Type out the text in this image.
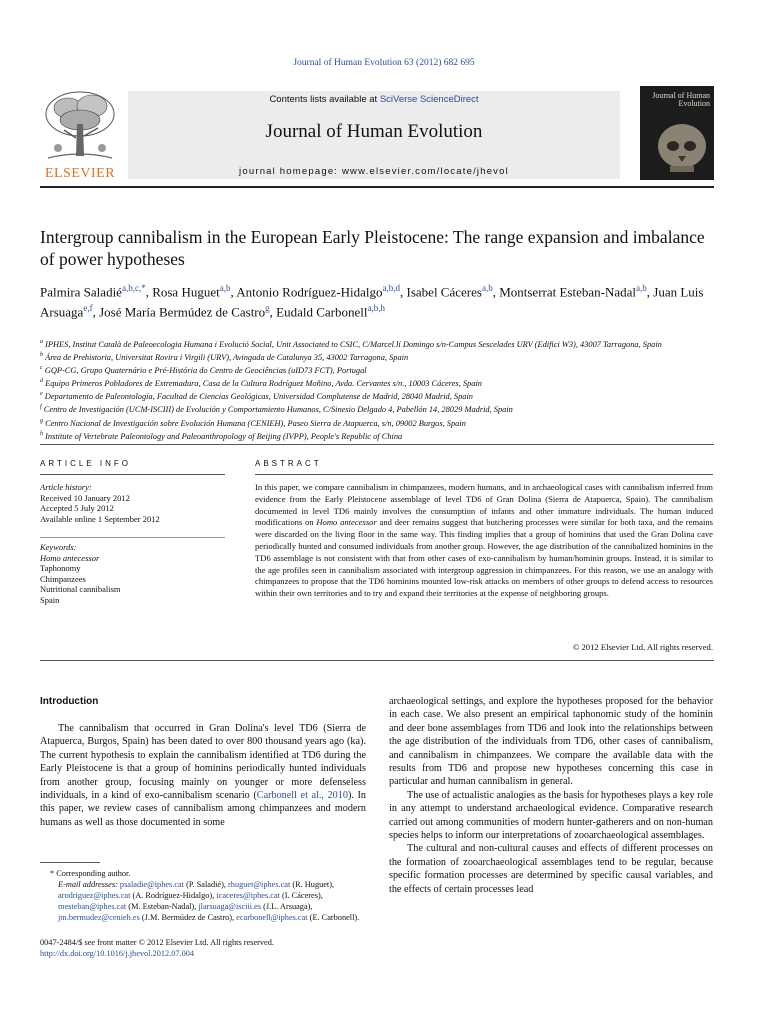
Journal of Human Evolution 63 (2012) 682 695
ELSEVIER
Contents lists available at SciVerse ScienceDirect
Journal of Human Evolution
journal homepage: www.elsevier.com/locate/jhevol
Journal of Human Evolution
Intergroup cannibalism in the European Early Pleistocene: The range expansion and imbalance of power hypotheses
Palmira Saladié$^{a,b,c,*}$, Rosa Huguet$^{a,b}$, Antonio Rodríguez-Hidalgo$^{a,b,d}$, Isabel Cáceres$^{a,b}$, Montserrat Esteban-Nadal$^{a,b}$, Juan Luis Arsuaga$^{e,f}$, José María Bermúdez de Castro$^g$, Eudald Carbonell$^{a,b,h}$
$^a$ IPHES, Institut Català de Paleoecologia Humana i Evolució Social, Unit Associated to CSIC, C/Marcel.lí Domingo s/n-Campus Sescelades URV (Edifici W3), 43007 Tarragona, Spain
$^b$ Área de Prehistoria, Universitat Rovira i Virgili (URV), Avinguda de Catalunya 35, 43002 Tarragona, Spain
$^c$ GQP-CG, Grupo Quaternário e Pré-História do Centro de Geociências (uID73 FCT), Portugal
$^d$ Equipo Primeros Pobladores de Extremadura, Casa de la Cultura Rodríguez Moñino, Avda. Cervantes s/n., 10003 Cáceres, Spain
$^e$ Departamento de Paleontología, Facultad de Ciencias Geológicas, Universidad Complutense de Madrid, 28040 Madrid, Spain
$^f$ Centro de Investigación (UCM-ISCIII) de Evolución y Comportamiento Humanos, C/Sinesio Delgado 4, Pabellón 14, 28029 Madrid, Spain
$^g$ Centro Nacional de Investigación sobre Evolución Humana (CENIEH), Paseo Sierra de Atapuerca, s/n, 09002 Burgos, Spain
$^h$ Institute of Vertebrate Paleontology and Paleoanthropology of Beijing (IVPP), People's Republic of China
ARTICLE INFO
Article history:
Received 10 January 2012
Accepted 5 July 2012
Available online 1 September 2012
Keywords:
Homo antecessor
Taphonomy
Chimpanzees
Nutritional cannibalism
Spain
ABSTRACT
In this paper, we compare cannibalism in chimpanzees, modern humans, and in archaeological cases with cannibalism inferred from evidence from the Early Pleistocene assemblage of level TD6 of Gran Dolina (Sierra de Atapuerca, Spain). The cannibalism documented in level TD6 mainly involves the consumption of infants and other immature individuals. The human induced modifications on Homo antecessor and deer remains suggest that butchering processes were similar for both taxa, and the remains were discarded on the living floor in the same way. This finding implies that a group of hominins that used the Gran Dolina cave periodically hunted and consumed individuals from another group. However, the age distribution of the cannibalized hominins in the TD6 assemblage is not consistent with that from other cases of exo-cannibalism by human/hominin groups. Instead, it is similar to the age profiles seen in cannibalism associated with intergroup aggression in chimpanzees. For this reason, we use an analogy with chimpanzees to propose that the TD6 hominins mounted low-risk attacks on members of other groups to defend access to resources within their own territories and to try and expand their territories at the expense of neighboring groups.
© 2012 Elsevier Ltd. All rights reserved.
Introduction

The cannibalism that occurred in Gran Dolina's level TD6 (Sierra de Atapuerca, Burgos, Spain) has been dated to over 800 thousand years ago (ka). The current hypothesis to explain the cannibalism identified at TD6 during the Early Pleistocene is that a group of hominins periodically hunted individuals from another group, focusing mainly on younger or more defenseless individuals, in a kind of exo-cannibalism scenario (Carbonell et al., 2010). In this paper, we review cases of cannibalism among chimpanzees and modern humans as well as those documented in some

archaeological settings, and explore the hypotheses proposed for the behavior in each case. We also present an empirical taphonomic study of the hominin and deer bone assemblages from TD6 and look into the relationships between the age distribution of the individuals from TD6, other cases of cannibalism, and cannibalism in chimpanzees. We compare the available data with the results from TD6 and propose new hypotheses concerning this case in particular and human cannibalism in general.

The use of actualistic analogies as the basis for hypotheses plays a key role in any attempt to understand archaeological evidence. Comparative research carried out among communities of modern hunter-gatherers and on non-human species helps to inform our interpretations of zooarchaeological assemblages.

The cultural and non-cultural causes and effects of different processes on the formation of zooarchaeological assemblages tend to be regular, because specific formation processes are determined by specific causal variables, and the effects of certain processes lead

* Corresponding author.
E-mail addresses: psaladie@iphes.cat (P. Saladié), rhuguet@iphes.cat (R. Huguet), arodriguez@iphes.cat (A. Rodríguez-Hidalgo), icaceres@iphes.cat (I. Cáceres), mesteban@iphes.cat (M. Esteban-Nadal), jlarsuaga@isciii.es (J.L. Arsuaga), jm.bermudez@cenieh.es (J.M. Bermúdez de Castro), ecarbonell@iphes.cat (E. Carbonell).
0047-2484/$ see front matter © 2012 Elsevier Ltd. All rights reserved.
http://dx.doi.org/10.1016/j.jhevol.2012.07.004
